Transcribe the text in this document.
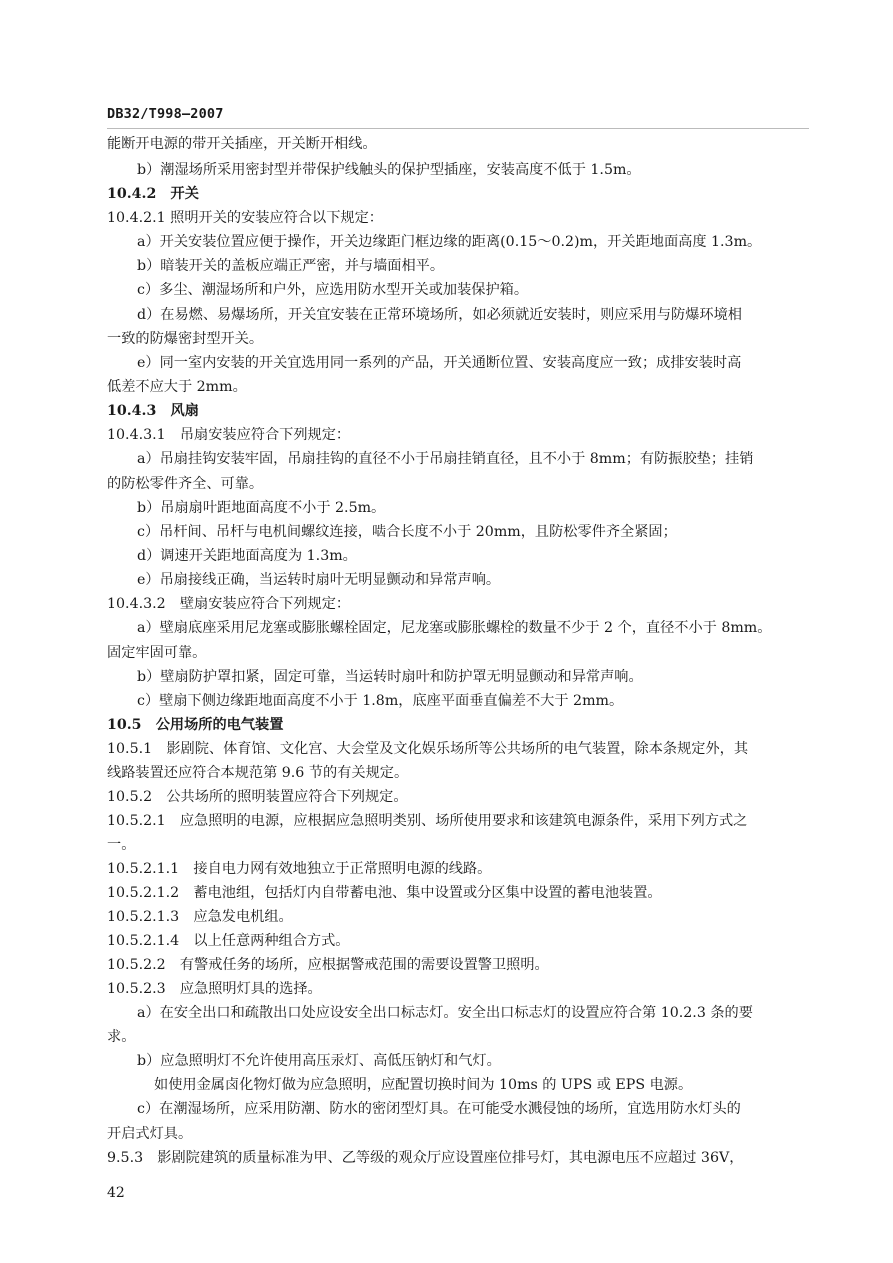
DB32/T998—2007
能断开电源的带开关插座，开关断开相线。
b）潮湿场所采用密封型并带保护线触头的保护型插座，安装高度不低于 1.5m。
10.4.2　开关
10.4.2.1 照明开关的安装应符合以下规定：
a）开关安装位置应便于操作，开关边缘距门框边缘的距离(0.15～0.2)m，开关距地面高度 1.3m。
b）暗装开关的盖板应端正严密，并与墙面相平。
c）多尘、潮湿场所和户外，应选用防水型开关或加装保护箱。
d）在易燃、易爆场所，开关宜安装在正常环境场所，如必须就近安装时，则应采用与防爆环境相
一致的防爆密封型开关。
e）同一室内安装的开关宜选用同一系列的产品，开关通断位置、安装高度应一致；成排安装时高
低差不应大于 2mm。
10.4.3　风扇
10.4.3.1　吊扇安装应符合下列规定：
a）吊扇挂钩安装牢固，吊扇挂钩的直径不小于吊扇挂销直径，且不小于 8mm；有防振胶垫；挂销
的防松零件齐全、可靠。
b）吊扇扇叶距地面高度不小于 2.5m。
c）吊杆间、吊杆与电机间螺纹连接，啮合长度不小于 20mm，且防松零件齐全紧固；
d）调速开关距地面高度为 1.3m。
e）吊扇接线正确，当运转时扇叶无明显颤动和异常声响。
10.4.3.2　壁扇安装应符合下列规定：
a）壁扇底座采用尼龙塞或膨胀螺栓固定，尼龙塞或膨胀螺栓的数量不少于 2 个，直径不小于 8mm。
固定牢固可靠。
b）壁扇防护罩扣紧，固定可靠，当运转时扇叶和防护罩无明显颤动和异常声响。
c）壁扇下侧边缘距地面高度不小于 1.8m，底座平面垂直偏差不大于 2mm。
10.5　公用场所的电气装置
10.5.1　影剧院、体育馆、文化宫、大会堂及文化娱乐场所等公共场所的电气装置，除本条规定外，其
线路装置还应符合本规范第 9.6 节的有关规定。
10.5.2　公共场所的照明装置应符合下列规定。
10.5.2.1　应急照明的电源，应根据应急照明类别、场所使用要求和该建筑电源条件，采用下列方式之
一。
10.5.2.1.1　接自电力网有效地独立于正常照明电源的线路。
10.5.2.1.2　蓄电池组，包括灯内自带蓄电池、集中设置或分区集中设置的蓄电池装置。
10.5.2.1.3　应急发电机组。
10.5.2.1.4　以上任意两种组合方式。
10.5.2.2　有警戒任务的场所，应根据警戒范围的需要设置警卫照明。
10.5.2.3　应急照明灯具的选择。
a）在安全出口和疏散出口处应设安全出口标志灯。安全出口标志灯的设置应符合第 10.2.3 条的要
求。
b）应急照明灯不允许使用高压汞灯、高低压钠灯和气灯。
如使用金属卤化物灯做为应急照明，应配置切换时间为 10ms 的 UPS 或 EPS 电源。
c）在潮湿场所，应采用防潮、防水的密闭型灯具。在可能受水溅侵蚀的场所，宜选用防水灯头的
开启式灯具。
9.5.3　影剧院建筑的质量标准为甲、乙等级的观众厅应设置座位排号灯，其电源电压不应超过 36V，
42
